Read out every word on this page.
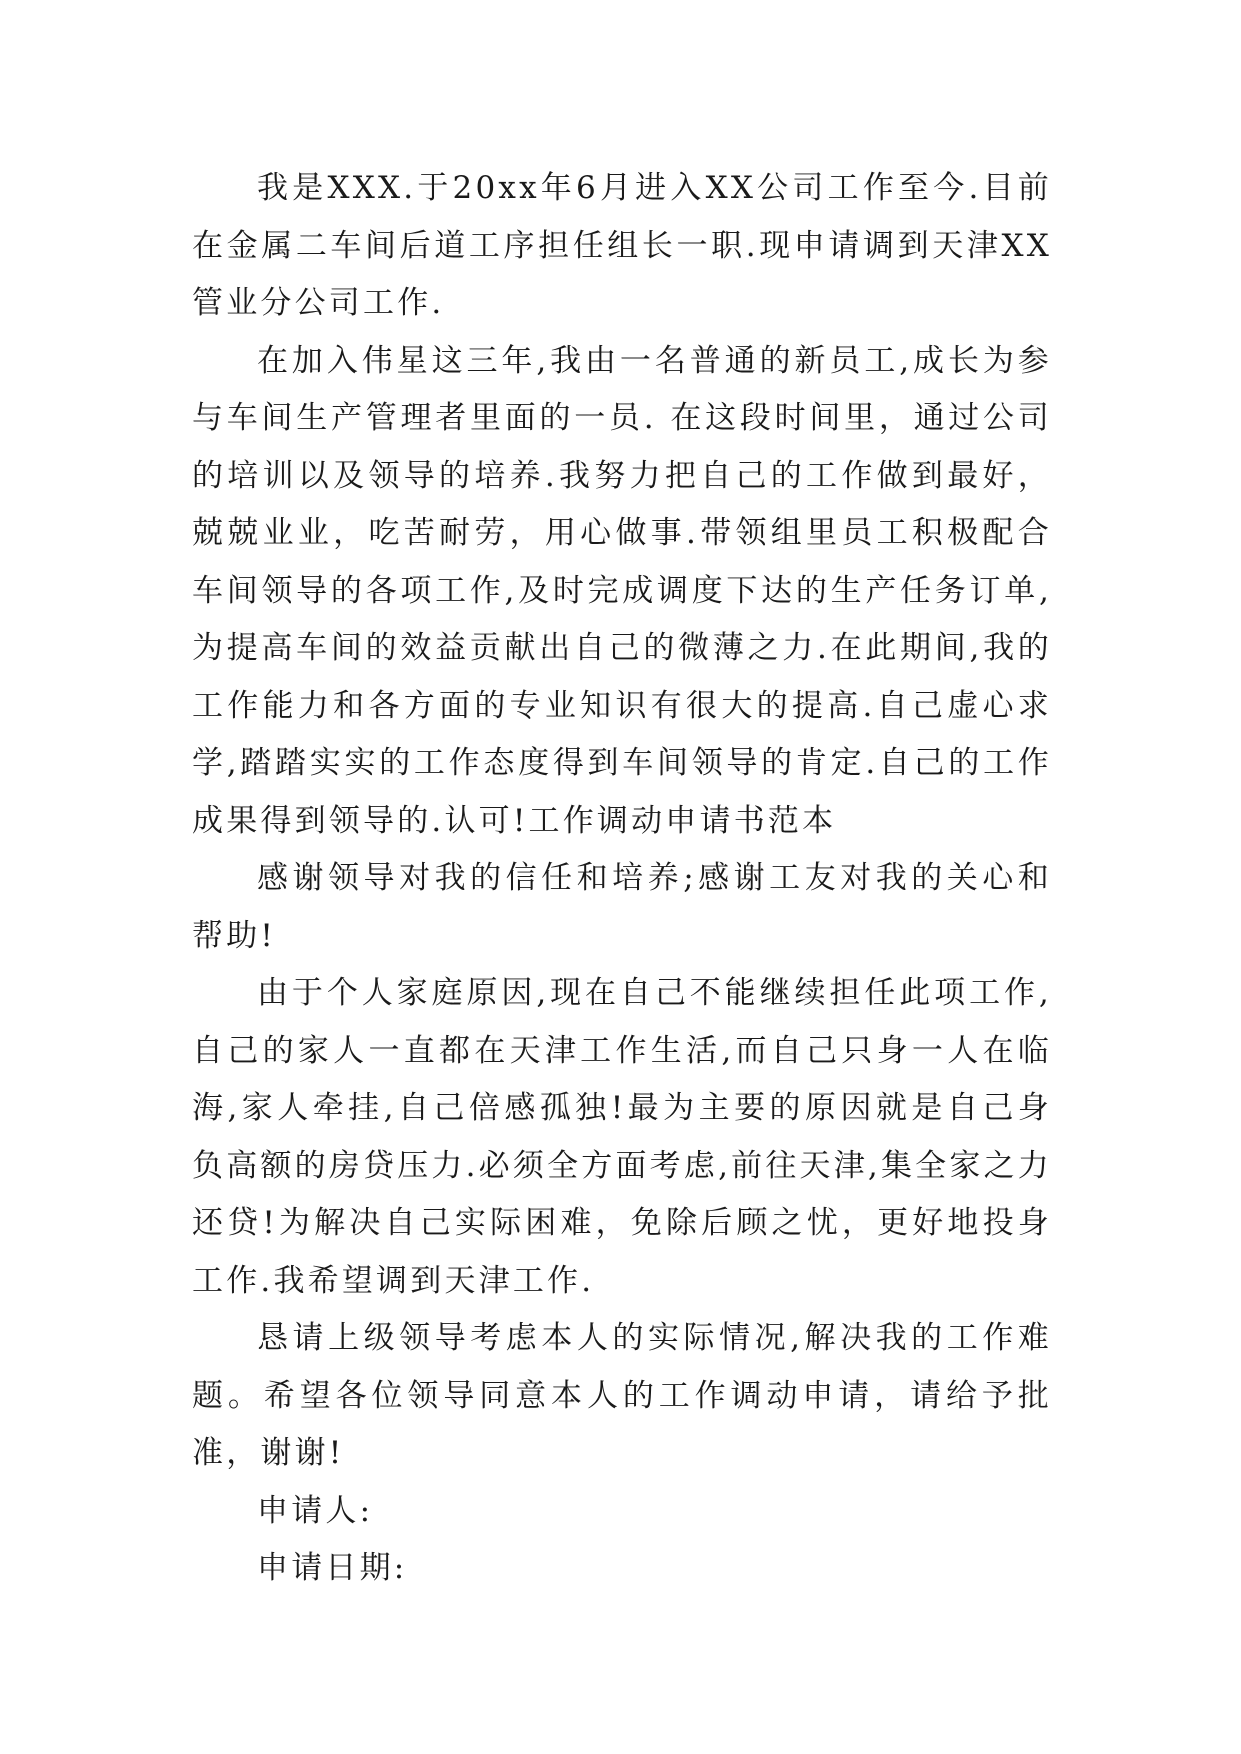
我是XXX.于20xx年6月进入XX公司工作至今.目前在金属二车间后道工序担任组长一职.现申请调到天津XX管业分公司工作.

在加入伟星这三年,我由一名普通的新员工,成长为参与车间生产管理者里面的一员. 在这段时间里，通过公司的培训以及领导的培养.我努力把自己的工作做到最好，兢兢业业，吃苦耐劳，用心做事.带领组里员工积极配合车间领导的各项工作,及时完成调度下达的生产任务订单,为提高车间的效益贡献出自己的微薄之力.在此期间,我的工作能力和各方面的专业知识有很大的提高.自己虚心求学,踏踏实实的工作态度得到车间领导的肯定.自己的工作成果得到领导的.认可!工作调动申请书范本

感谢领导对我的信任和培养;感谢工友对我的关心和帮助!

由于个人家庭原因,现在自己不能继续担任此项工作,自己的家人一直都在天津工作生活,而自己只身一人在临海,家人牵挂,自己倍感孤独!最为主要的原因就是自己身负高额的房贷压力.必须全方面考虑,前往天津,集全家之力还贷!为解决自己实际困难，免除后顾之忧，更好地投身工作.我希望调到天津工作.

恳请上级领导考虑本人的实际情况,解决我的工作难题。希望各位领导同意本人的工作调动申请，请给予批准，谢谢!

申请人:

申请日期:
